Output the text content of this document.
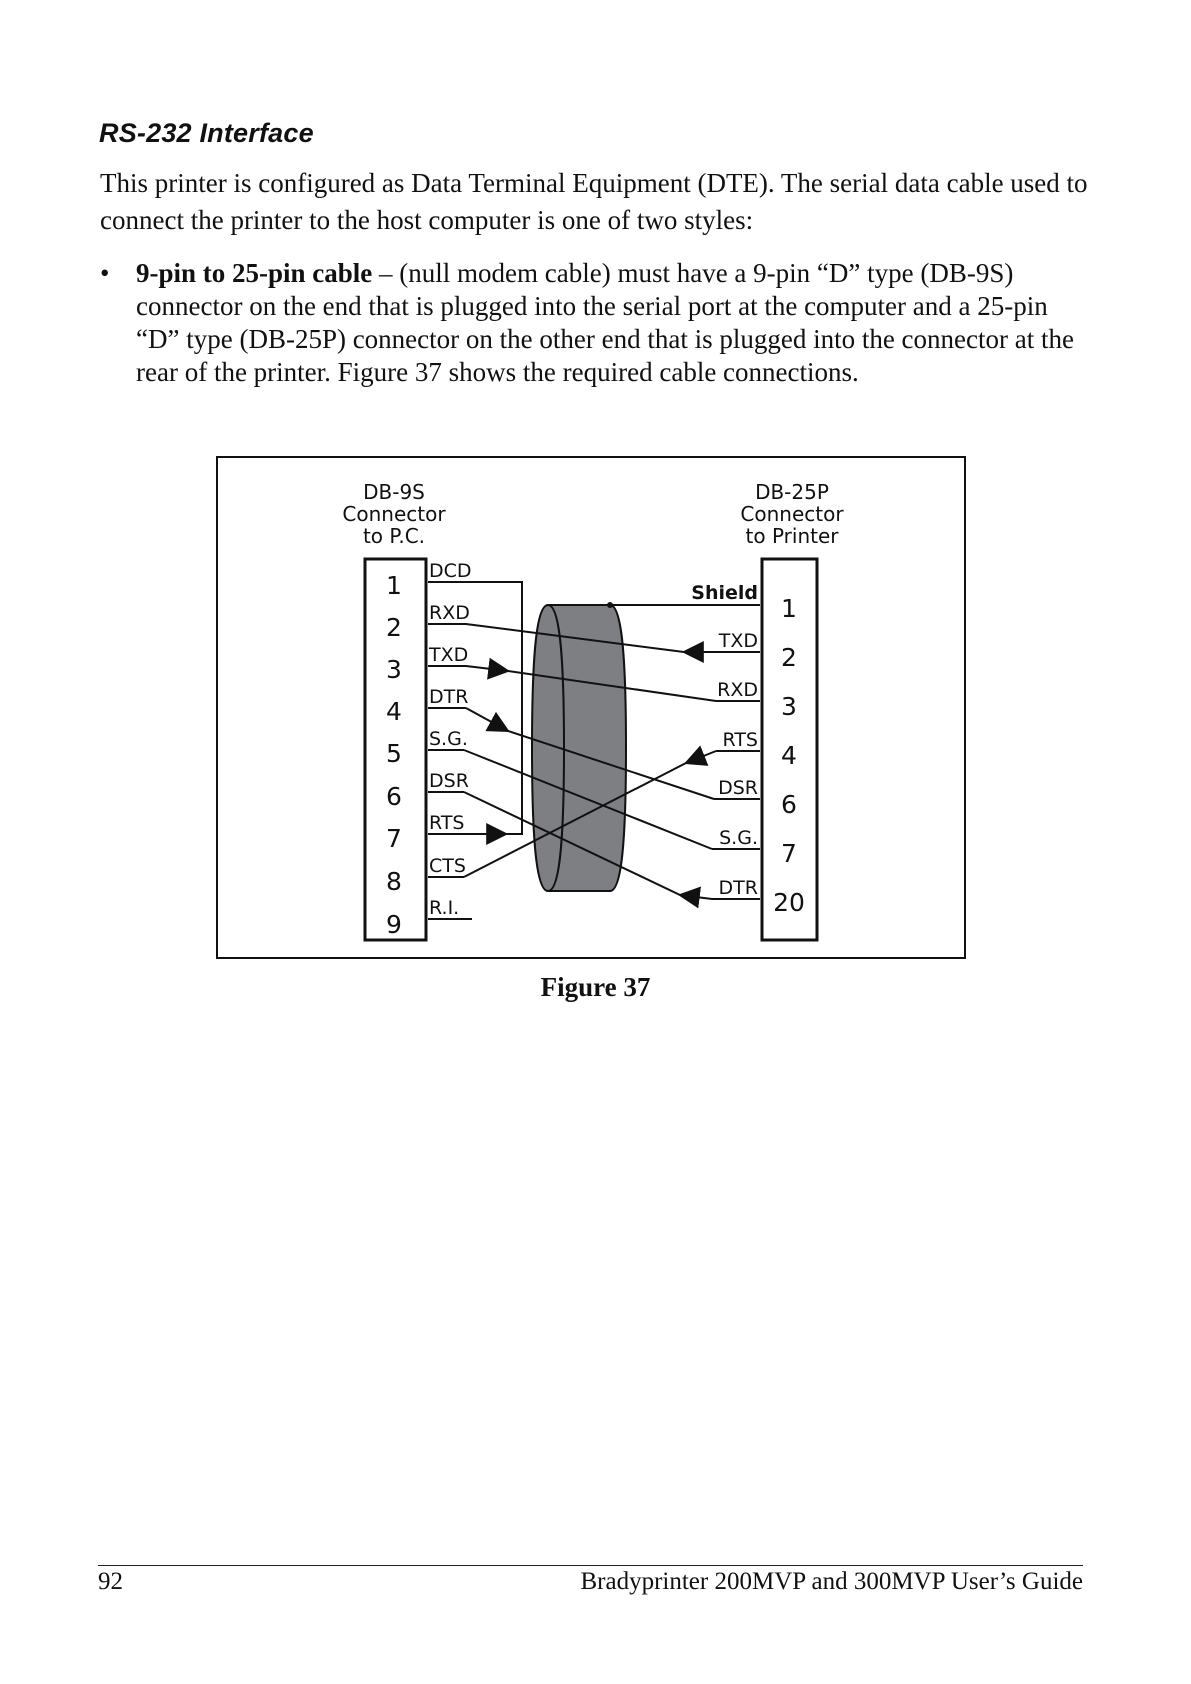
RS-232 Interface

This printer is configured as Data Terminal Equipment (DTE). The serial data cable used to connect the printer to the host computer is one of two styles:

• 9-pin to 25-pin cable – (null modem cable) must have a 9-pin “D” type (DB-9S) connector on the end that is plugged into the serial port at the computer and a 25-pin “D” type (DB-25P) connector on the other end that is plugged into the connector at the rear of the printer. Figure 37 shows the required cable connections.

DB-9S
Connector
to P.C.
DB-25P
Connector
to Printer
1
2
3
4
5
6
7
8
9
1
2
3
4
6
7
20
DCD
RXD
TXD
DTR
S.G.
DSR
RTS
CTS
R.I.
Shield
TXD
RXD
RTS
DSR
S.G.
DTR
Figure 37
92	Bradyprinter 200MVP and 300MVP User’s Guide
